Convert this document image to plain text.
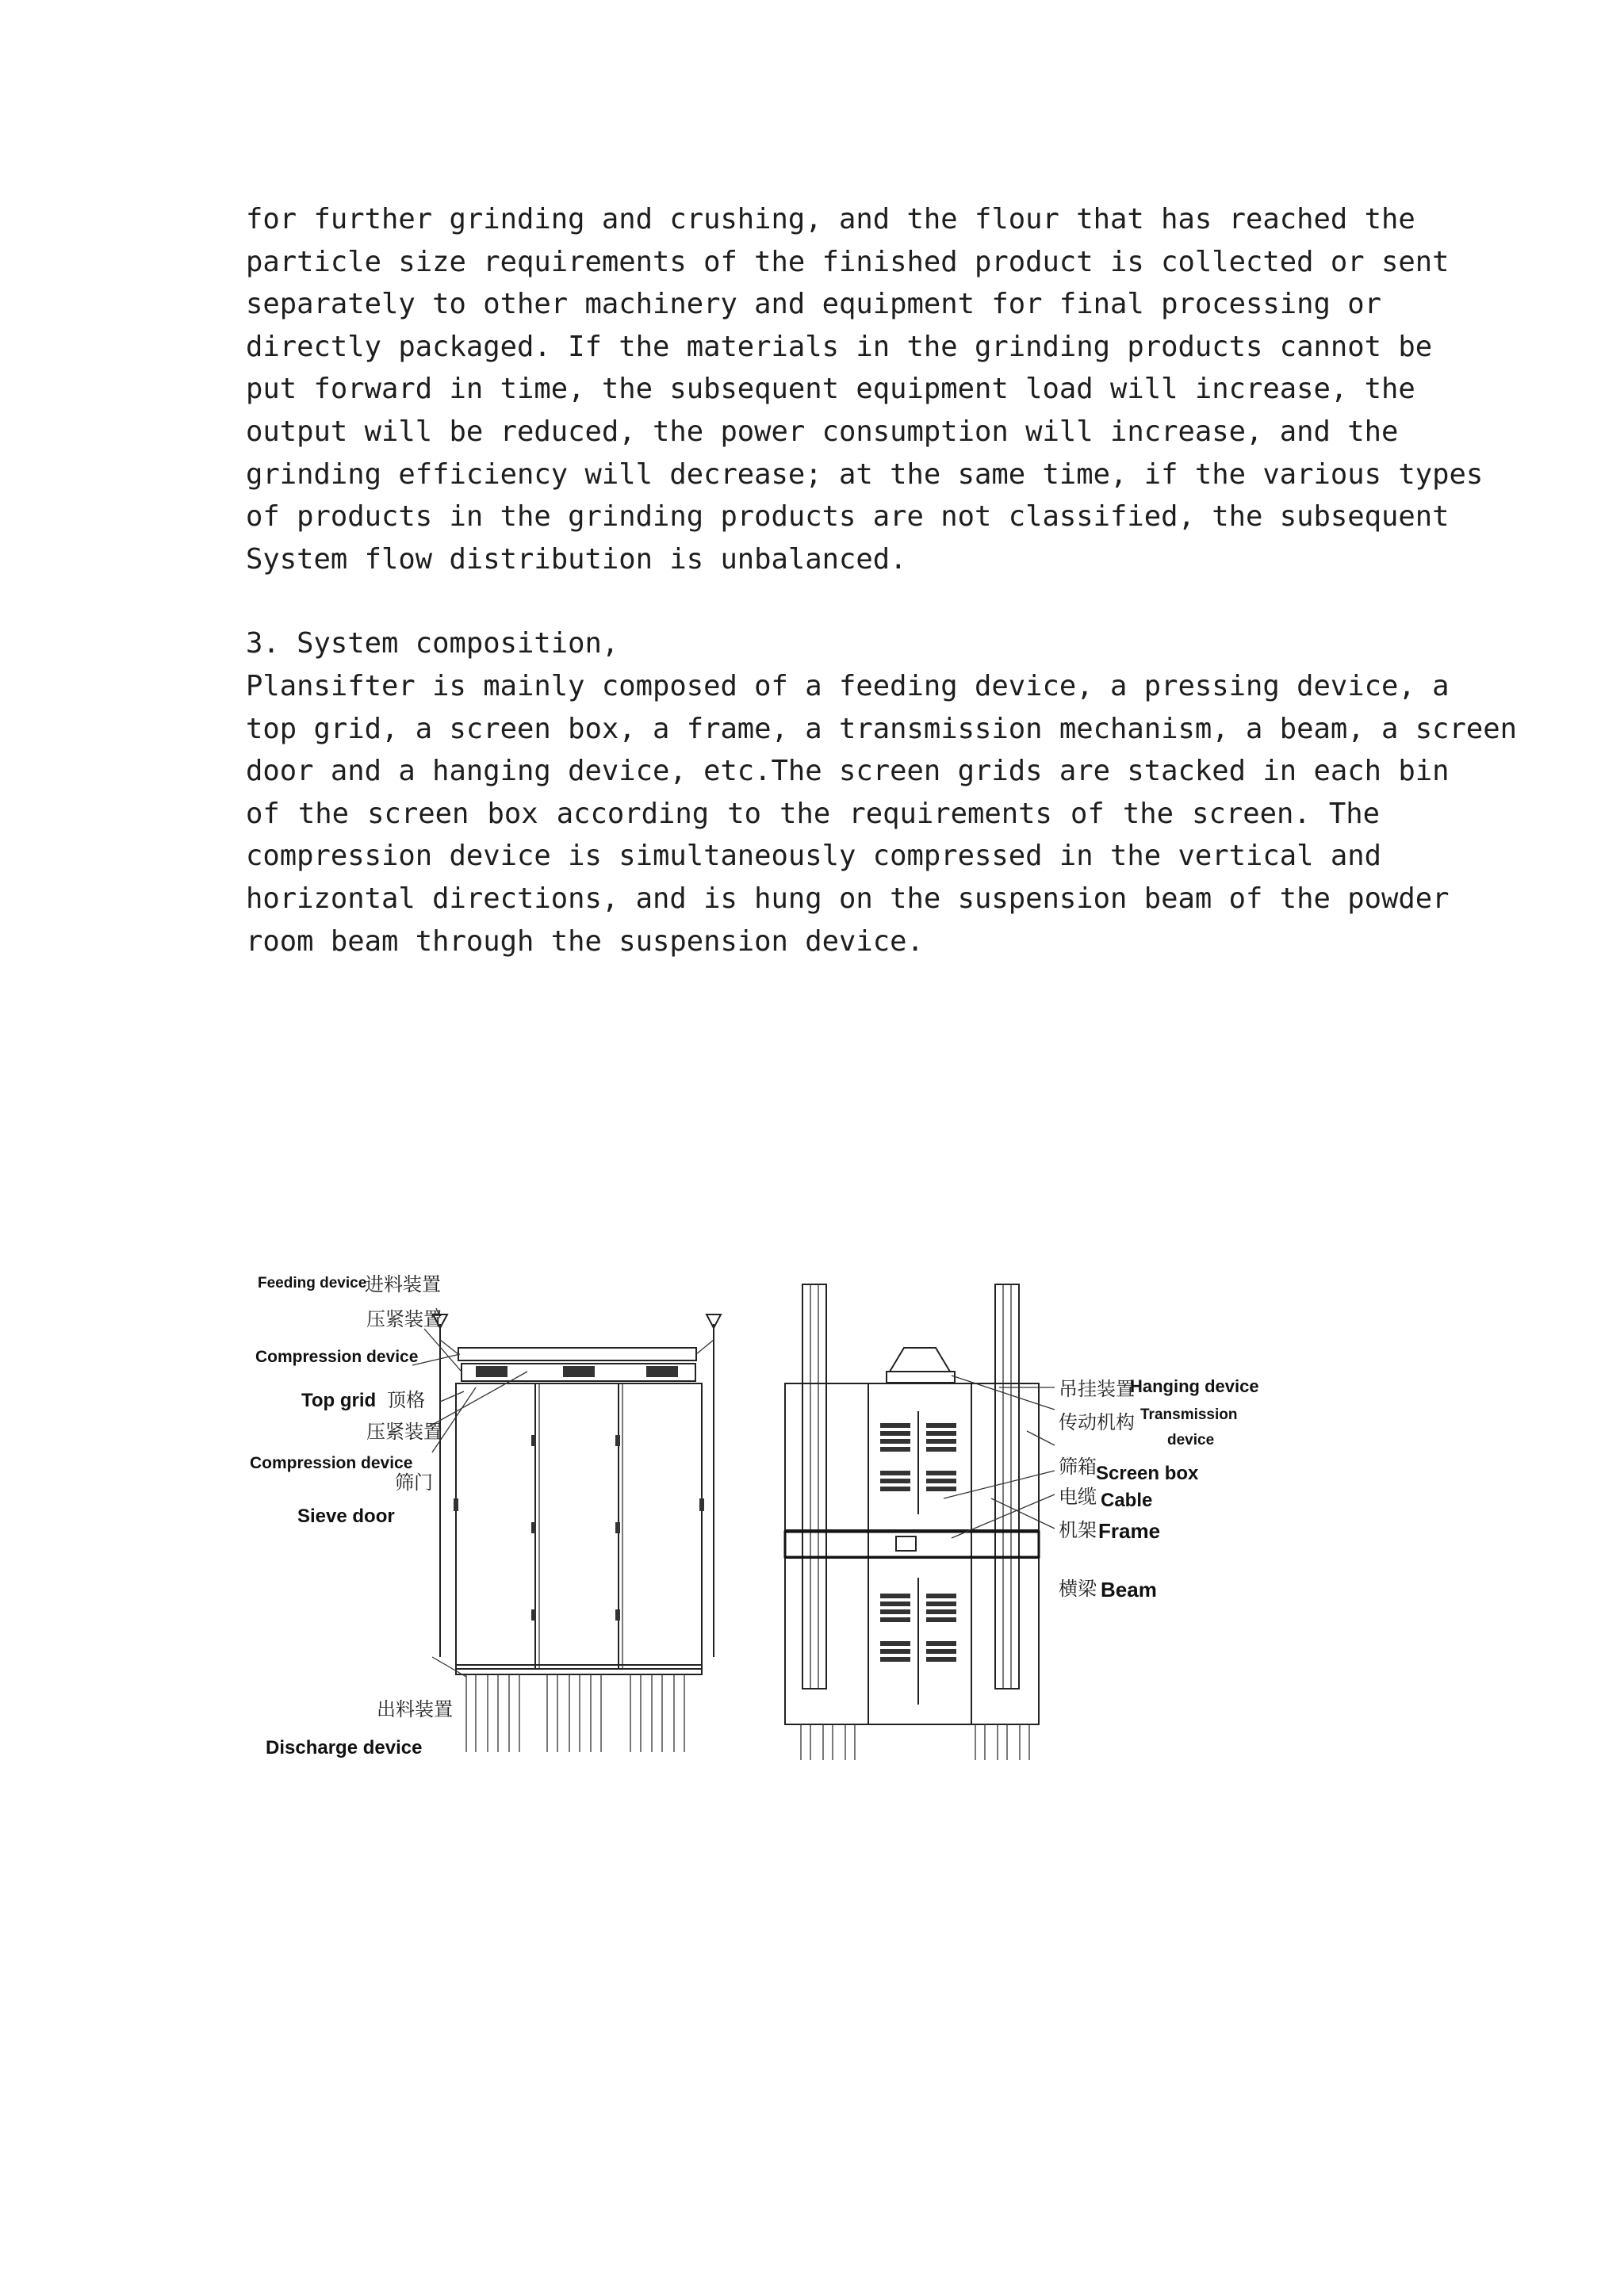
for further grinding and crushing, and the flour that has reached the
particle size requirements of the finished product is collected or sent
separately to other machinery and equipment for final processing or
directly packaged. If the materials in the grinding products cannot be
put forward in time, the subsequent equipment load will increase, the
output will be reduced, the power consumption will increase, and the
grinding efficiency will decrease; at the same time, if the various types
of products in the grinding products are not classified, the subsequent
System flow distribution is unbalanced.
3. System composition,
Plansifter is mainly composed of a feeding device, a pressing device, a
top grid, a screen box, a frame, a transmission mechanism, a beam, a screen
door and a hanging device, etc.The screen grids are stacked in each bin
of the screen box according to the requirements of the screen. The
compression device is simultaneously compressed in the vertical and
horizontal directions, and is hung on the suspension beam of the powder
room beam through the suspension device.
Feeding device
进料装置
压紧装置
Compression device
Top grid 顶格
压紧装置
Compression device
筛门
Sieve door
出料装置
Discharge device
吊挂装置
Hanging device
传动机构 Transmission
device
筛箱 Screen box
电缆 Cable
机架 Frame
横梁 Beam
